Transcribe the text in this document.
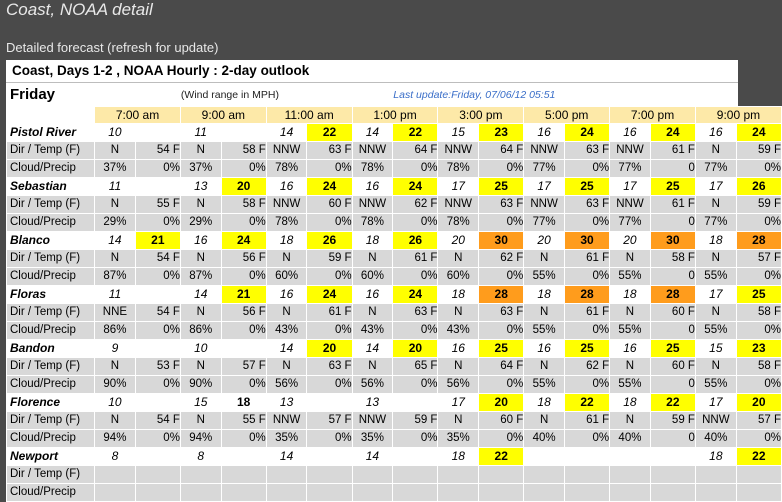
Coast, NOAA detail
Detailed forecast (refresh for update)
Coast, Days 1-2 , NOAA Hourly : 2-day outlook
Friday			(Wind range in MPH)					Last update:Friday, 07/06/12 05:51								
	7:00 am		9:00 am		11:00 am		1:00 pm		3:00 pm		5:00 pm		7:00 pm		9:00 pm	
Pistol River	10		11		14	22	14	22	15	23	16	24	16	24	16	24
Dir / Temp (F)	N	54 F	N	58 F	NNW	63 F	NNW	64 F	NNW	64 F	NNW	63 F	NNW	61 F	N	59 F
Cloud/Precip	37%	0%	37%	0%	78%	0%	78%	0%	78%	0%	77%	0%	77%	0	77%	0%
Sebastian	11		13	20	16	24	16	24	17	25	17	25	17	25	17	26
Dir / Temp (F)	N	55 F	N	58 F	NNW	60 F	NNW	62 F	NNW	63 F	NNW	63 F	NNW	61 F	N	59 F
Cloud/Precip	29%	0%	29%	0%	78%	0%	78%	0%	78%	0%	77%	0%	77%	0	77%	0%
Blanco	14	21	16	24	18	26	18	26	20	30	20	30	20	30	18	28
Dir / Temp (F)	N	54 F	N	56 F	N	59 F	N	61 F	N	62 F	N	61 F	N	58 F	N	57 F
Cloud/Precip	87%	0%	87%	0%	60%	0%	60%	0%	60%	0%	55%	0%	55%	0	55%	0%
Floras	11		14	21	16	24	16	24	18	28	18	28	18	28	17	25
Dir / Temp (F)	NNE	54 F	N	56 F	N	61 F	N	63 F	N	63 F	N	61 F	N	60 F	N	58 F
Cloud/Precip	86%	0%	86%	0%	43%	0%	43%	0%	43%	0%	55%	0%	55%	0	55%	0%
Bandon	9		10		14	20	14	20	16	25	16	25	16	25	15	23
Dir / Temp (F)	N	53 F	N	57 F	N	63 F	N	65 F	N	64 F	N	62 F	N	60 F	N	58 F
Cloud/Precip	90%	0%	90%	0%	56%	0%	56%	0%	56%	0%	55%	0%	55%	0	55%	0%
Florence	10		15	18	13		13		17	20	18	22	18	22	17	20
Dir / Temp (F)	N	54 F	N	55 F	NNW	57 F	NNW	59 F	N	60 F	N	61 F	N	59 F	NNW	57 F
Cloud/Precip	94%	0%	94%	0%	35%	0%	35%	0%	35%	0%	40%	0%	40%	0	40%	0%
Newport	8		8		14		14		18	22					18	22
Dir / Temp (F)																
Cloud/Precip																
